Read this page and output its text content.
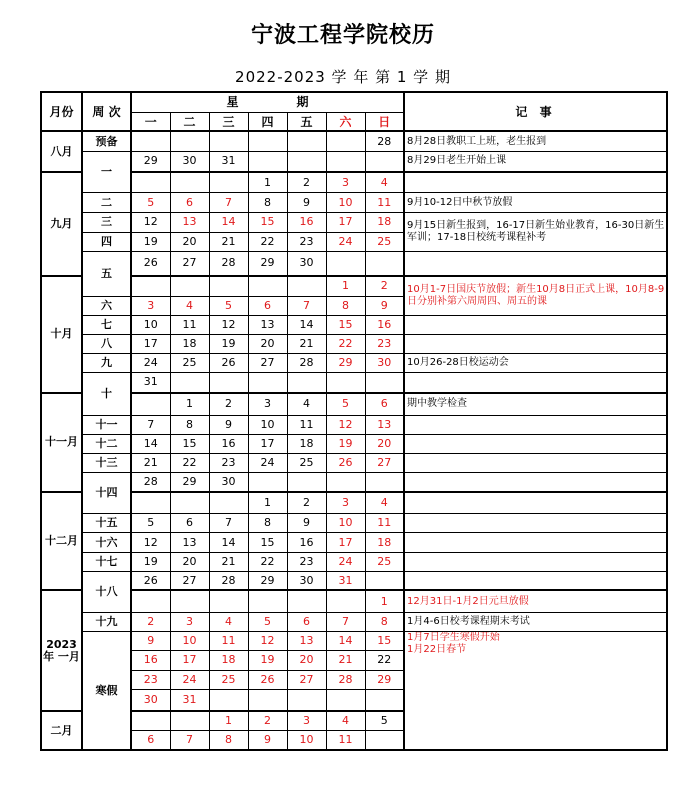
宁波工程学院校历
2022-2023 学 年 第 1 学 期
月份	周 次	星 期							记 事
		一	二	三	四	五	六	日	
八月	预备							28	8月28日教职工上班，老生报到
	一	29	30	31					8月29日老生开始上课
九月					1	2	3	4	
	二	5	6	7	8	9	10	11	9月10-12日中秋节放假
	三	12	13	14	15	16	17	18	9月15日新生报到，16-17日新生始业教育，16-30日新生军训；17-18日校统考课程补考
	四	19	20	21	22	23	24	25	
	五	26	27	28	29	30			
十月							1	2	10月1-7日国庆节放假；新生10月8日正式上课，10月8-9日分别补第六周周四、周五的课
	六	3	4	5	6	7	8	9	
	七	10	11	12	13	14	15	16	
	八	17	18	19	20	21	22	23	
	九	24	25	26	27	28	29	30	10月26-28日校运动会
	十	31							
十一月			1	2	3	4	5	6	期中教学检查
	十一	7	8	9	10	11	12	13	
	十二	14	15	16	17	18	19	20	
	十三	21	22	23	24	25	26	27	
	十四	28	29	30					
十二月					1	2	3	4	
	十五	5	6	7	8	9	10	11	
	十六	12	13	14	15	16	17	18	
	十七	19	20	21	22	23	24	25	
	十八	26	27	28	29	30	31		
2023年 一月								1	12月31日-1月2日元旦放假
	十九	2	3	4	5	6	7	8	1月4-6日校考课程期末考试
	寒假	9	10	11	12	13	14	15	1月7日学生寒假开始
1月22日春节

		16	17	18	19	20	21	22	
		23	24	25	26	27	28	29	
		30	31						
二月				1	2	3	4	5	
		6	7	8	9	10	11		
